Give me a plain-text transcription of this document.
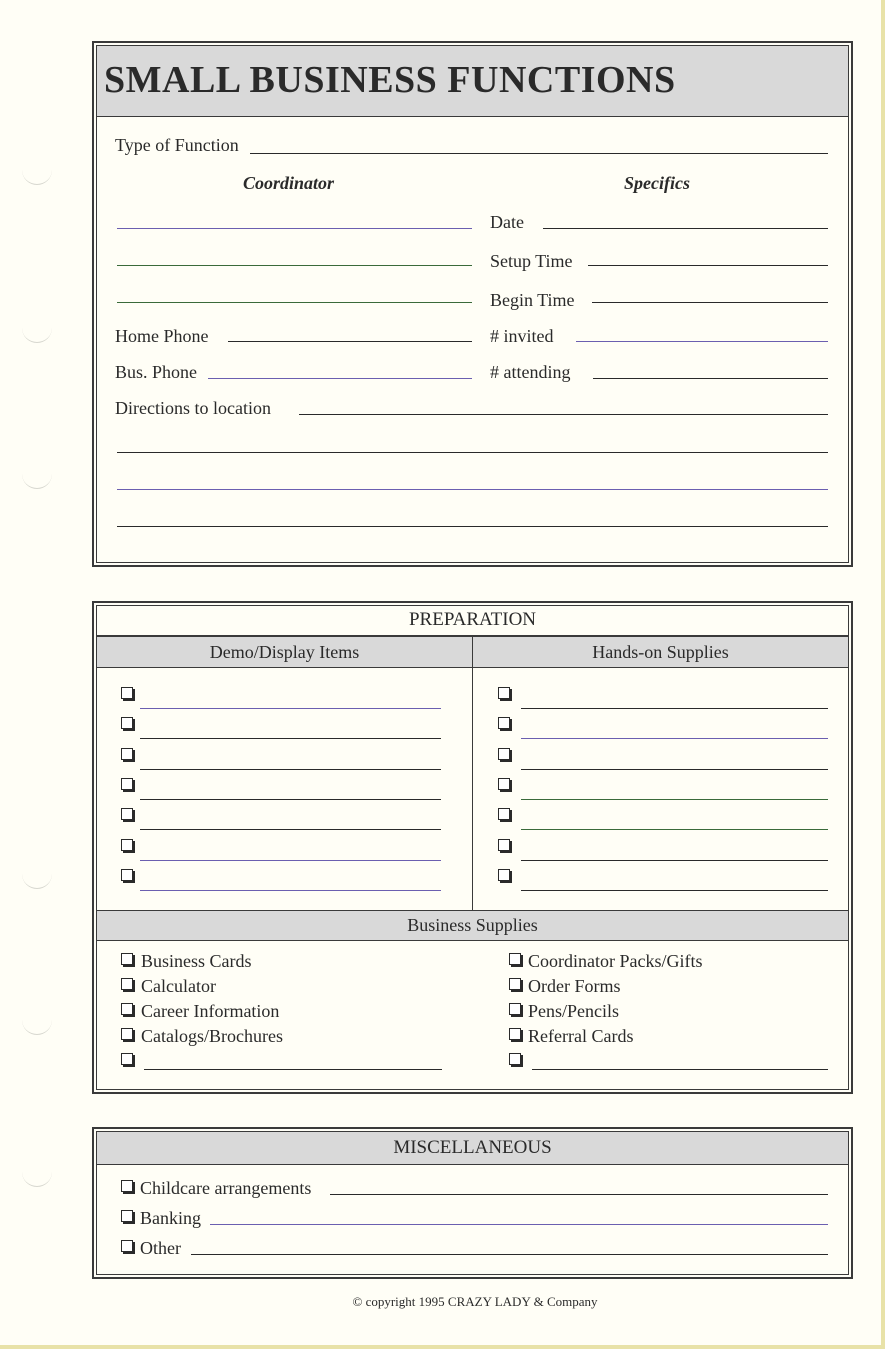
SMALL BUSINESS FUNCTIONS
Type of Function
Coordinator	Specifics
Date
Setup Time
Begin Time
Home Phone	# invited
Bus. Phone	# attending
Directions to location
PREPARATION
Demo/Display Items	Hands-on Supplies
Business Supplies
Business Cards
Calculator
Career Information
Catalogs/Brochures
Coordinator Packs/Gifts
Order Forms
Pens/Pencils
Referral Cards
MISCELLANEOUS
Childcare arrangements
Banking
Other
© copyright 1995 CRAZY LADY & Company
